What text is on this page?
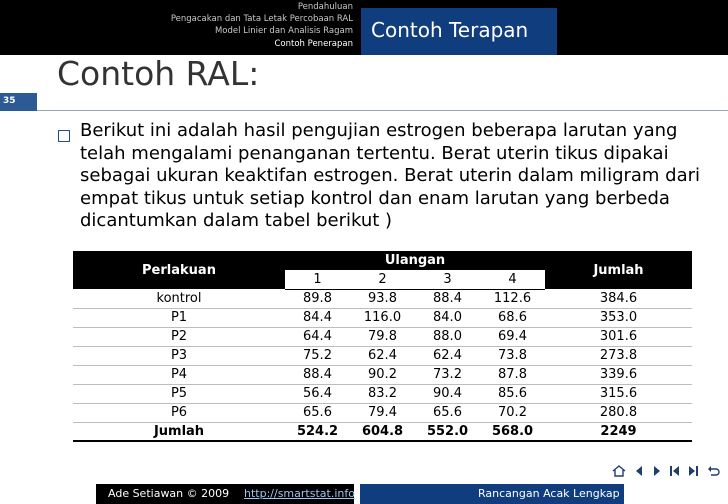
Pendahuluan
Pengacakan dan Tata Letak Percobaan RAL
Model Linier dan Analisis Ragam
Contoh Penerapan
Contoh Terapan
Contoh RAL:
35
Berikut ini adalah hasil pengujian estrogen beberapa larutan yang telah mengalami penanganan tertentu. Berat uterin tikus dipakai sebagai ukuran keaktifan estrogen. Berat uterin dalam miligram dari empat tikus untuk setiap kontrol dan enam larutan yang berbeda dicantumkan dalam tabel berikut )
Perlakuan	Ulangan				Jumlah
	1	2	3	4	
kontrol	89.8	93.8	88.4	112.6	384.6
P1	84.4	116.0	84.0	68.6	353.0
P2	64.4	79.8	88.0	69.4	301.6
P3	75.2	62.4	62.4	73.8	273.8
P4	88.4	90.2	73.2	87.8	339.6
P5	56.4	83.2	90.4	85.6	315.6
P6	65.6	79.4	65.6	70.2	280.8
Jumlah	524.2	604.8	552.0	568.0	2249
Ade Setiawan © 2009 http://smartstat.info	Rancangan Acak Lengkap
